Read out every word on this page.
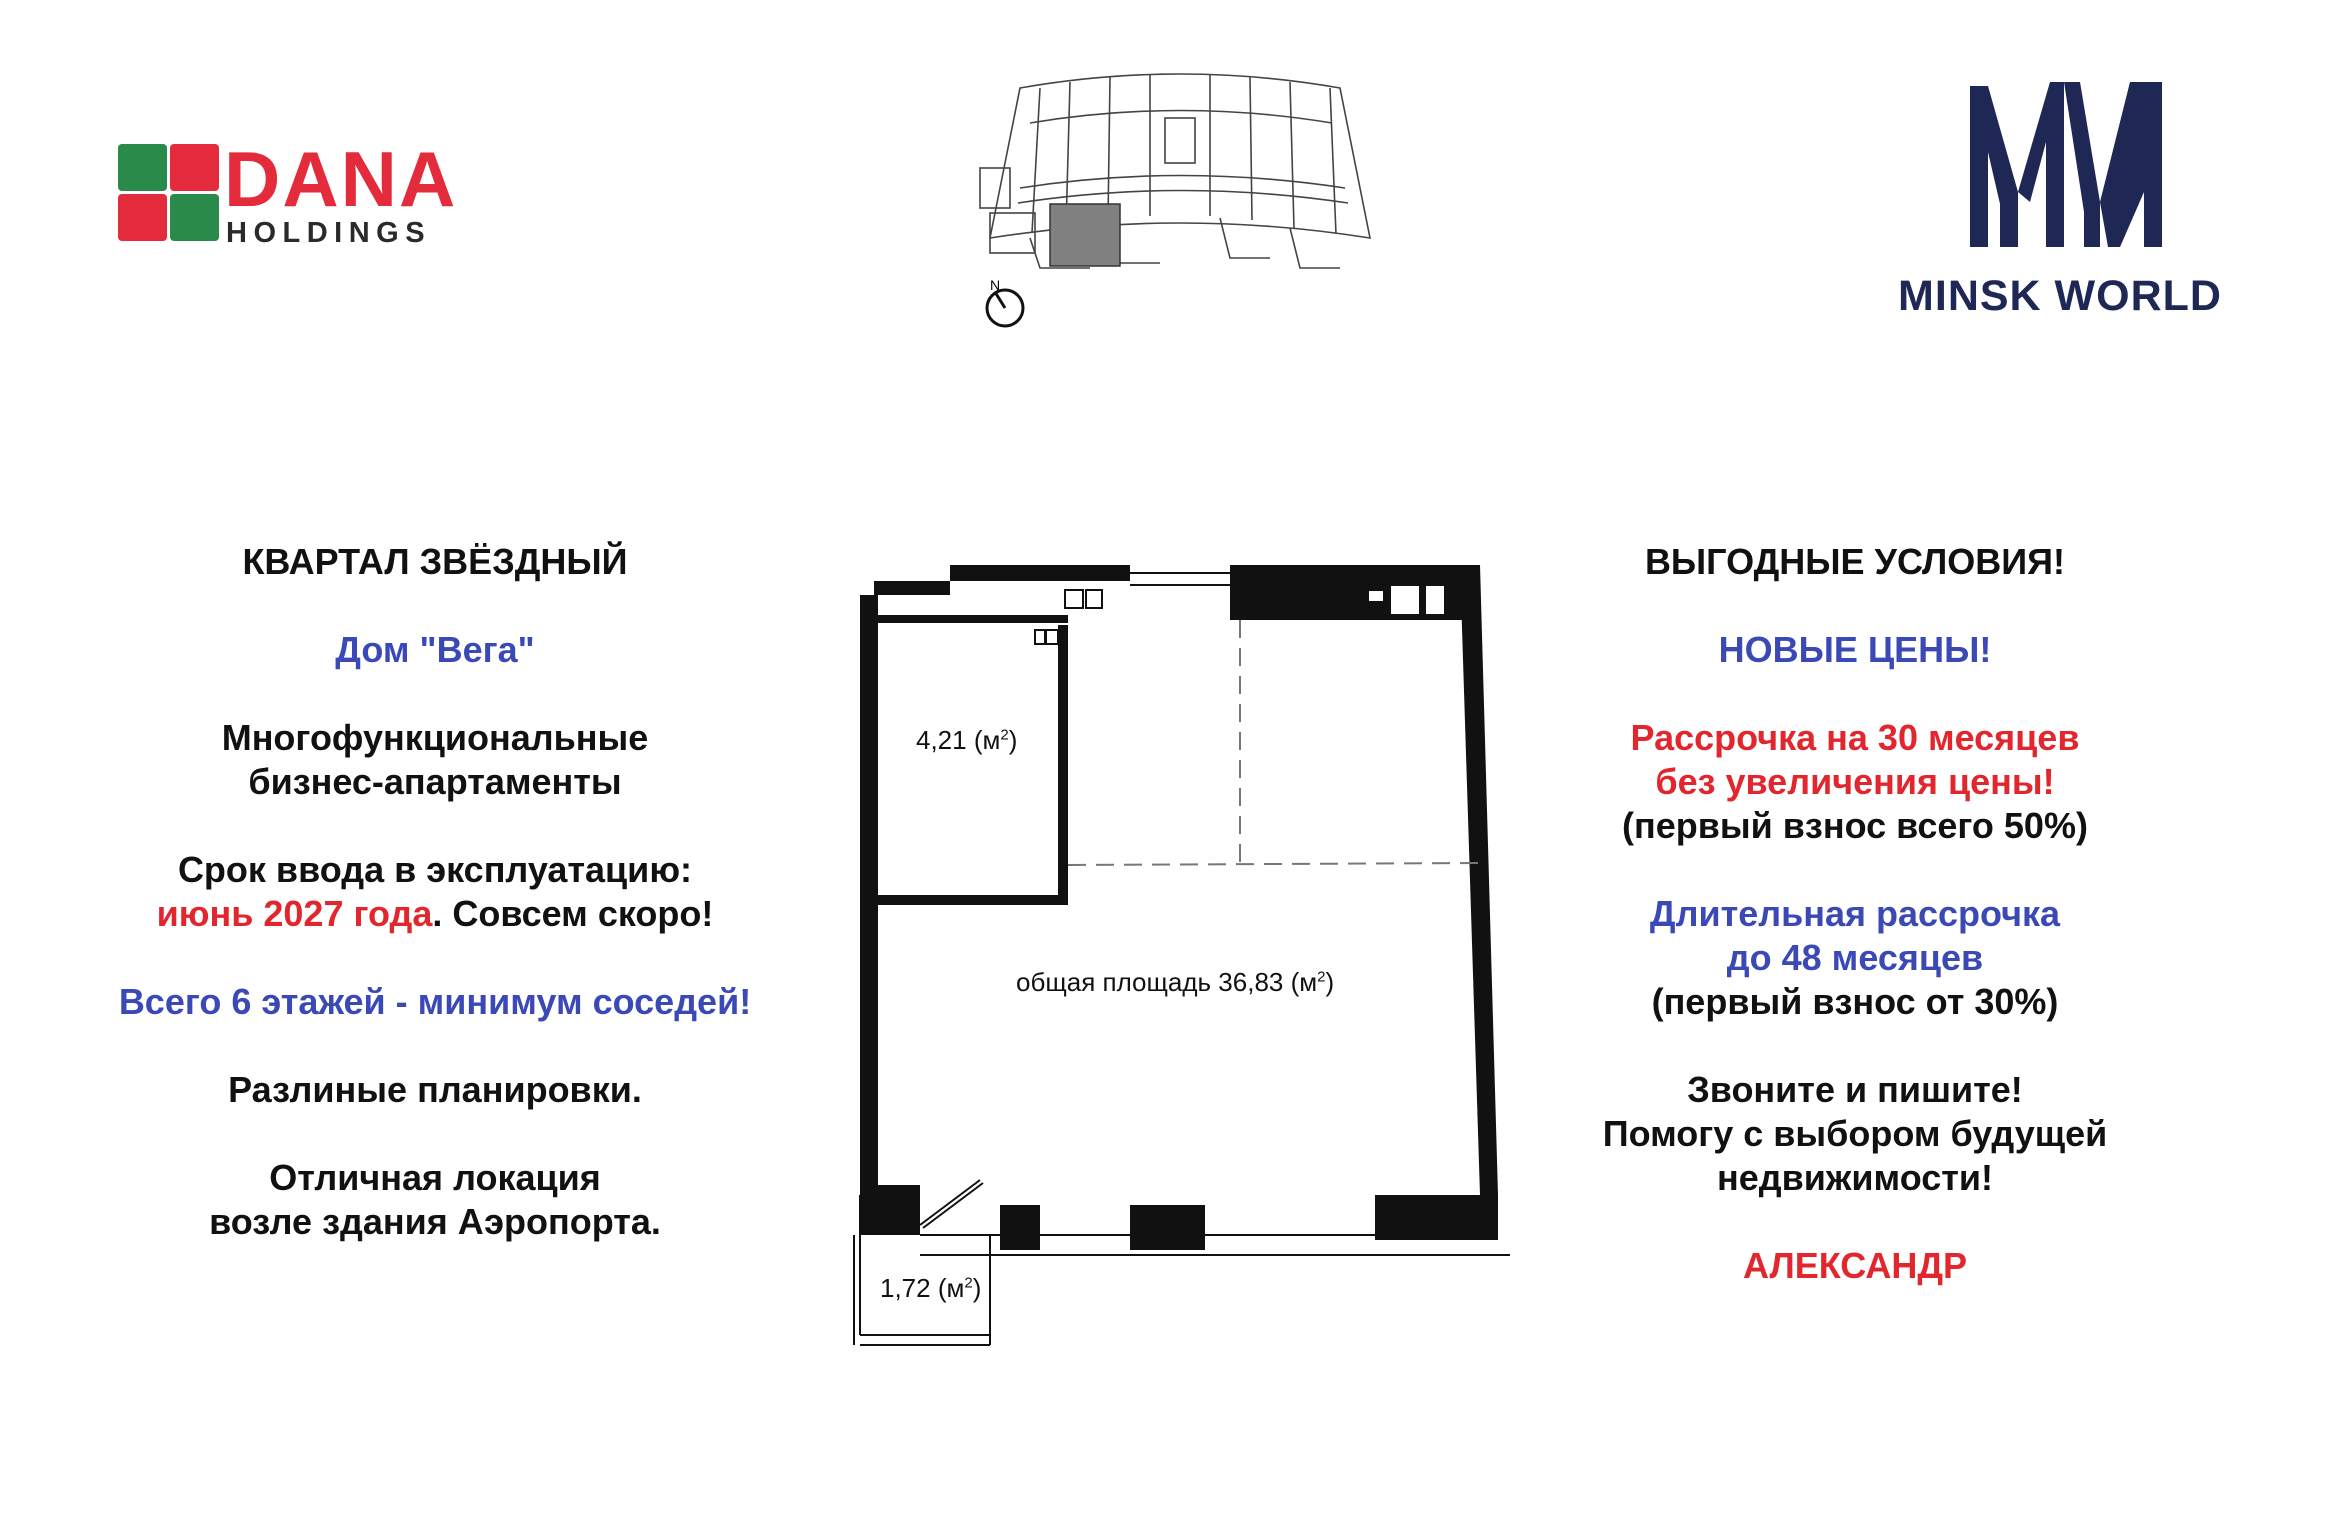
DANA
HOLDINGS
N	MINSK WORLD
КВАРТАЛ ЗВЁЗДНЫЙ
Дом "Вега"
Многофункциональные
бизнес-апартаменты
Срок ввода в эксплуатацию:
июнь 2027 года. Совсем скоро!
Всего 6 этажей - минимум соседей!
Разлиные планировки.
Отличная локация
возле здания Аэропорта.
4,21 $(м^2)$
общая площадь 36,83 $(м^2)$
1,72 $(м^2)$
ВЫГОДНЫЕ УСЛОВИЯ!
НОВЫЕ ЦЕНЫ!
Рассрочка на 30 месяцев
без увеличения цены!
(первый взнос всего 50%)
Длительная рассрочка
до 48 месяцев
(первый взнос от 30%)
Звоните и пишите!
Помогу с выбором будущей
недвижимости!
АЛЕКСАНДР
